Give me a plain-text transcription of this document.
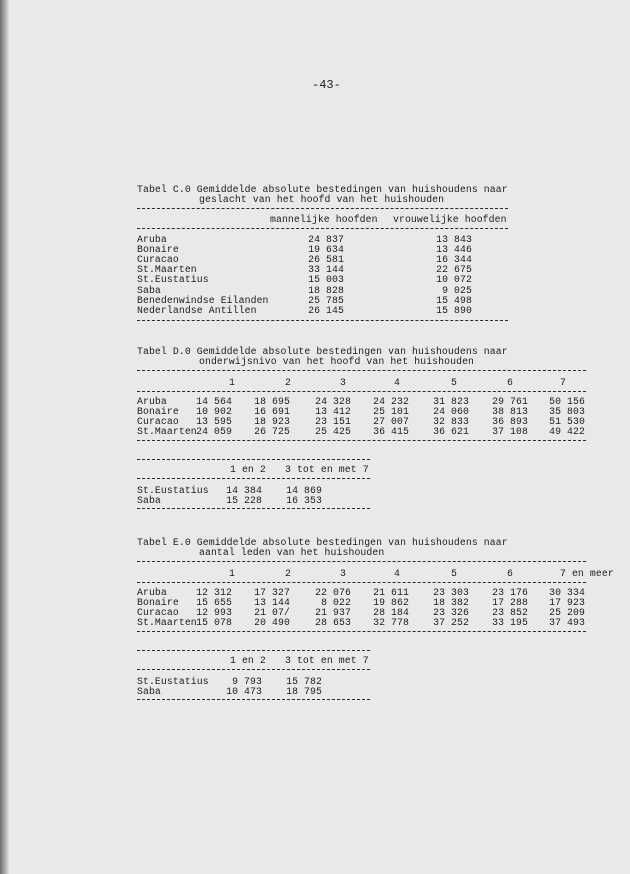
-43-
Tabel C.0 Gemiddelde absolute bestedingen van huishoudens naar
geslacht van het hoofd van het huishouden
mannelijke hoofden vrouwelijke hoofden
Aruba	24 837	13 843
Bonaire	19 634	13 446
Curacao	26 581	16 344
St.Maarten	33 144	22 675
St.Eustatius	15 003	10 072
Saba	18 828	9 025
Benedenwindse Eilanden	25 785	15 498
Nederlandse Antillen	26 145	15 890
Tabel D.0 Gemiddelde absolute bestedingen van huishoudens naar
onderwijsnivo van het hoofd van het huishouden
1	2	3	4	5	6	7
Aruba	14 564	18 695	24 328	24 232	31 823	29 761	50 156
Bonaire	10 902	16 691	13 412	25 101	24 060	38 813	35 803
Curacao	13 595	18 923	23 151	27 007	32 833	36 893	51 530
St.Maarten 24 059	26 725	25 425	36 415	36 621	37 108	49 422
1 en 2 3 tot en met 7
St.Eustatius	14 384	14 869
Saba	15 228	16 353
Tabel E.0 Gemiddelde absolute bestedingen van huishoudens naar
aantal leden van het huishouden
1	2	3	4	5	6	7 en meer
Aruba	12 312	17 327	22 076	21 611	23 303	23 176	30 334
Bonaire	15 655	13 144	8 022	19 862	18 382	17 288	17 923
Curacao	12 993	21 07/	21 937	28 184	23 326	23 852	25 209
St.Maarten 15 078	20 490	28 653	32 778	37 252	33 195	37 493
1 en 2 3 tot en met 7
St.Eustatius	9 793	15 782
Saba	10 473	18 795
